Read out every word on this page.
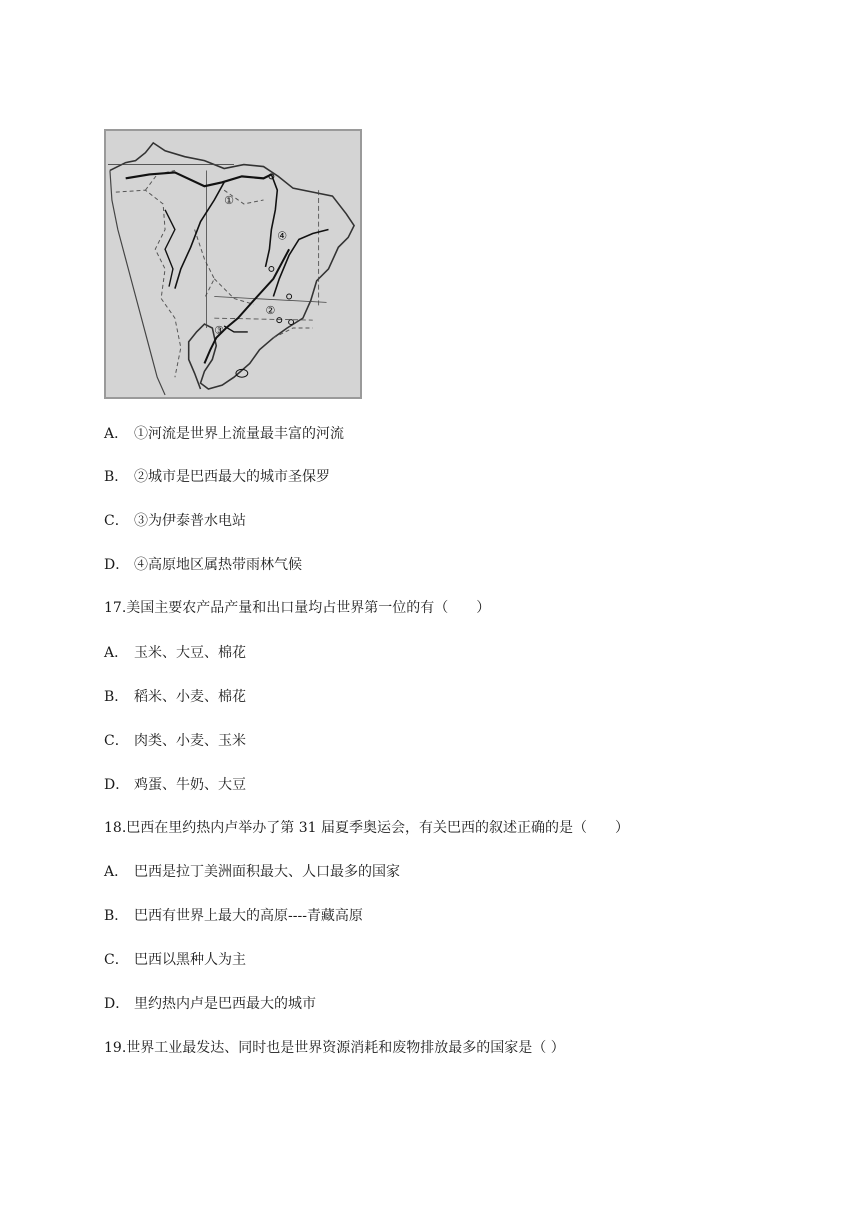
①
④
②
③
A． ①河流是世界上流量最丰富的河流
B． ②城市是巴西最大的城市圣保罗
C． ③为伊泰普水电站
D． ④高原地区属热带雨林气候
17.美国主要农产品产量和出口量均占世界第一位的有（　　）
A． 玉米、大豆、棉花
B． 稻米、小麦、棉花
C． 肉类、小麦、玉米
D． 鸡蛋、牛奶、大豆
18.巴西在里约热内卢举办了第 31 届夏季奥运会，有关巴西的叙述正确的是（　　）
A． 巴西是拉丁美洲面积最大、人口最多的国家
B． 巴西有世界上最大的高原----青藏高原
C． 巴西以黑种人为主
D． 里约热内卢是巴西最大的城市
19.世界工业最发达、同时也是世界资源消耗和废物排放最多的国家是（ ）
